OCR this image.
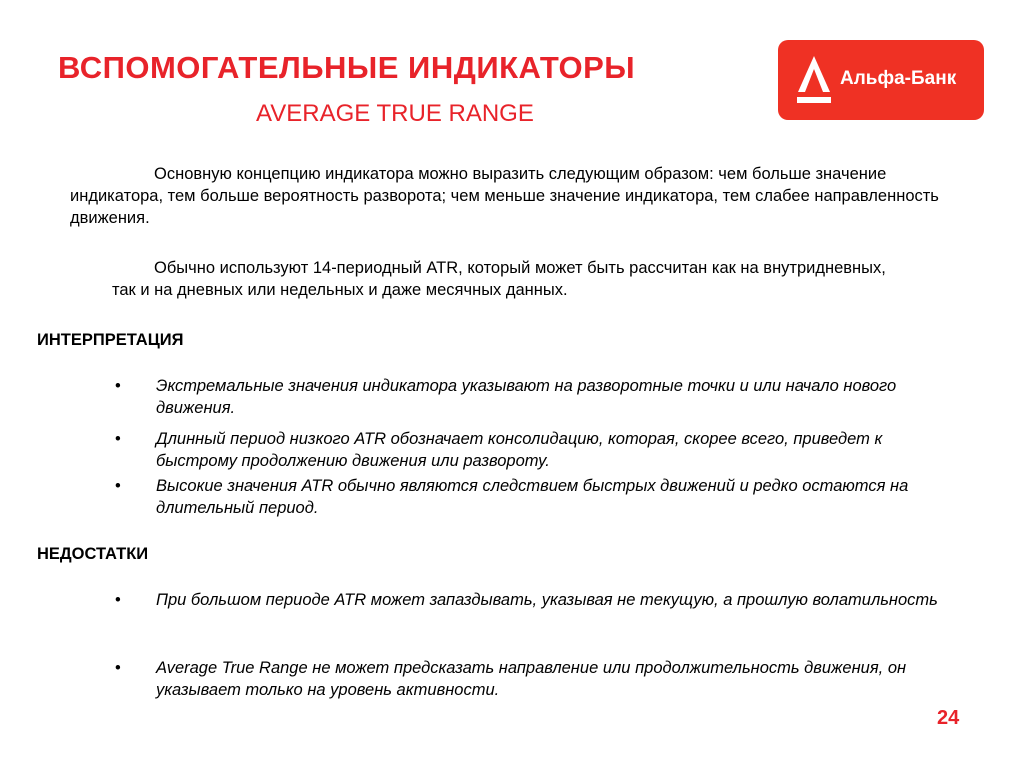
ВСПОМОГАТЕЛЬНЫЕ ИНДИКАТОРЫ
AVERAGE TRUE RANGE
Альфа-Банк

Основную концепцию индикатора можно выразить следующим образом: чем больше значение индикатора, тем больше вероятность разворота; чем меньше значение индикатора, тем слабее направленность движения.

Обычно используют 14-периодный ATR, который может быть рассчитан как на внутридневных, так и на дневных или недельных и даже месячных данных.

ИНТЕРПРЕТАЦИЯ
• Экстремальные значения индикатора указывают на разворотные точки и или начало нового движения.
• Длинный период низкого ATR обозначает консолидацию, которая, скорее всего, приведет к быстрому продолжению движения или развороту.
• Высокие значения ATR обычно являются следствием быстрых движений и редко остаются на длительный период.
НЕДОСТАТКИ
• При большом периоде ATR может запаздывать, указывая не текущую, а прошлую волатильность
• Average True Range не может предсказать направление или продолжительность движения, он указывает только на уровень активности.
24
